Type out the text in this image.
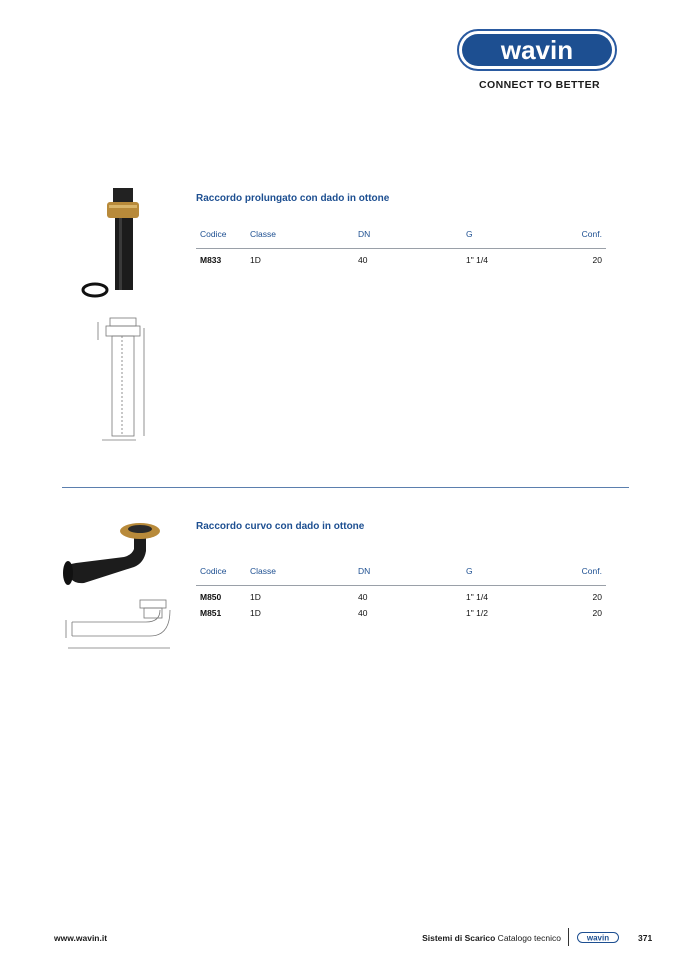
wavin
CONNECT TO BETTER
Raccordo prolungato con dado in ottone
Codice	Classe	DN	G	Conf.
M833	1D	40	1" 1/4	20
Raccordo curvo con dado in ottone
Codice	Classe	DN	G	Conf.
M850	1D	40	1" 1/4	20
M851	1D	40	1" 1/2	20
www.wavin.it	Sistemi di Scarico Catalogo tecnico	wavin	371
